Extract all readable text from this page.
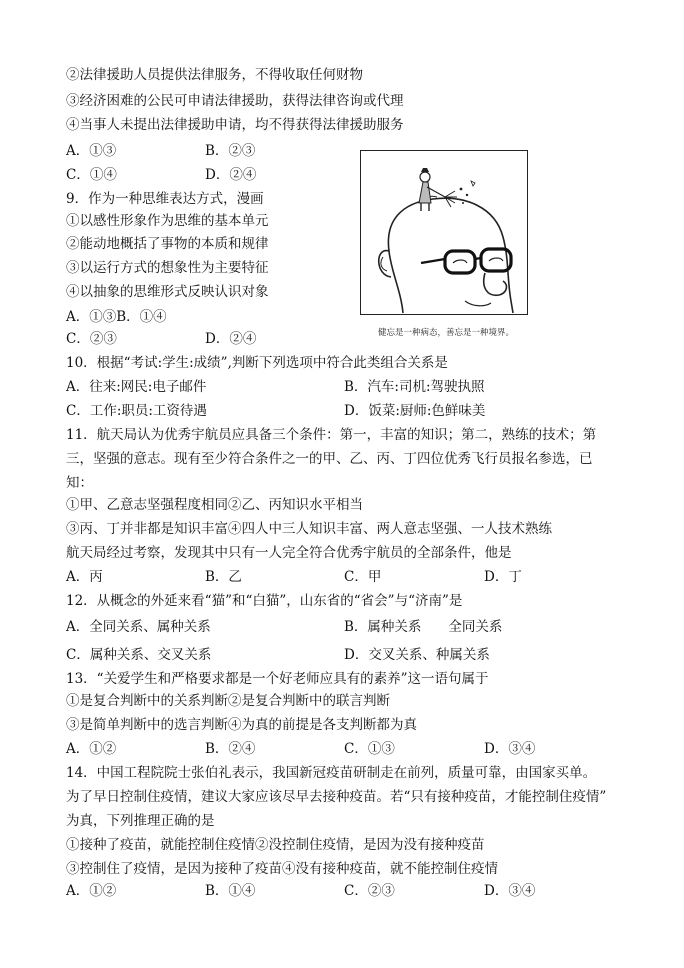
②法律援助人员提供法律服务，不得收取任何财物
③经济困难的公民可申请法律援助，获得法律咨询或代理
④当事人未提出法律援助申请，均不得获得法律援助服务
A．①③	B．②③
C．①④	D．②④
9．作为一种思维表达方式，漫画
①以感性形象作为思维的基本单元
②能动地概括了事物的本质和规律
③以运行方式的想象性为主要特征
④以抽象的思维形式反映认识对象
A．①③B．①④
C．②③	D．②④	健忘是一种病态，善忘是一种境界。
10．根据“考试:学生:成绩”,判断下列选项中符合此类组合关系是
A．往来:网民:电子邮件	B．汽车:司机:驾驶执照
C．工作:职员:工资待遇	D．饭菜:厨师:色鲜味美
11．航天局认为优秀宇航员应具备三个条件：第一，丰富的知识；第二，熟练的技术；第
三，坚强的意志。现有至少符合条件之一的甲、乙、丙、丁四位优秀飞行员报名参选，已
知：
①甲、乙意志坚强程度相同②乙、丙知识水平相当
③丙、丁并非都是知识丰富④四人中三人知识丰富、两人意志坚强、一人技术熟练
航天局经过考察，发现其中只有一人完全符合优秀宇航员的全部条件，他是
A．丙	B．乙	C．甲	D．丁
12．从概念的外延来看“猫”和“白猫”，山东省的“省会”与“济南”是
A．全同关系、属种关系	B．属种关系　　全同关系
C．属种关系、交叉关系	D．交叉关系、种属关系
13．“关爱学生和严格要求都是一个好老师应具有的素养”这一语句属于
①是复合判断中的关系判断②是复合判断中的联言判断
③是简单判断中的选言判断④为真的前提是各支判断都为真
A．①②	B．②④	C．①③	D．③④
14．中国工程院院士张伯礼表示，我国新冠疫苗研制走在前列，质量可靠，由国家买单。
为了早日控制住疫情，建议大家应该尽早去接种疫苗。若“只有接种疫苗，才能控制住疫情”
为真，下列推理正确的是
①接种了疫苗，就能控制住疫情②没控制住疫情，是因为没有接种疫苗
③控制住了疫情，是因为接种了疫苗④没有接种疫苗，就不能控制住疫情
A．①②	B．①④	C．②③	D．③④
